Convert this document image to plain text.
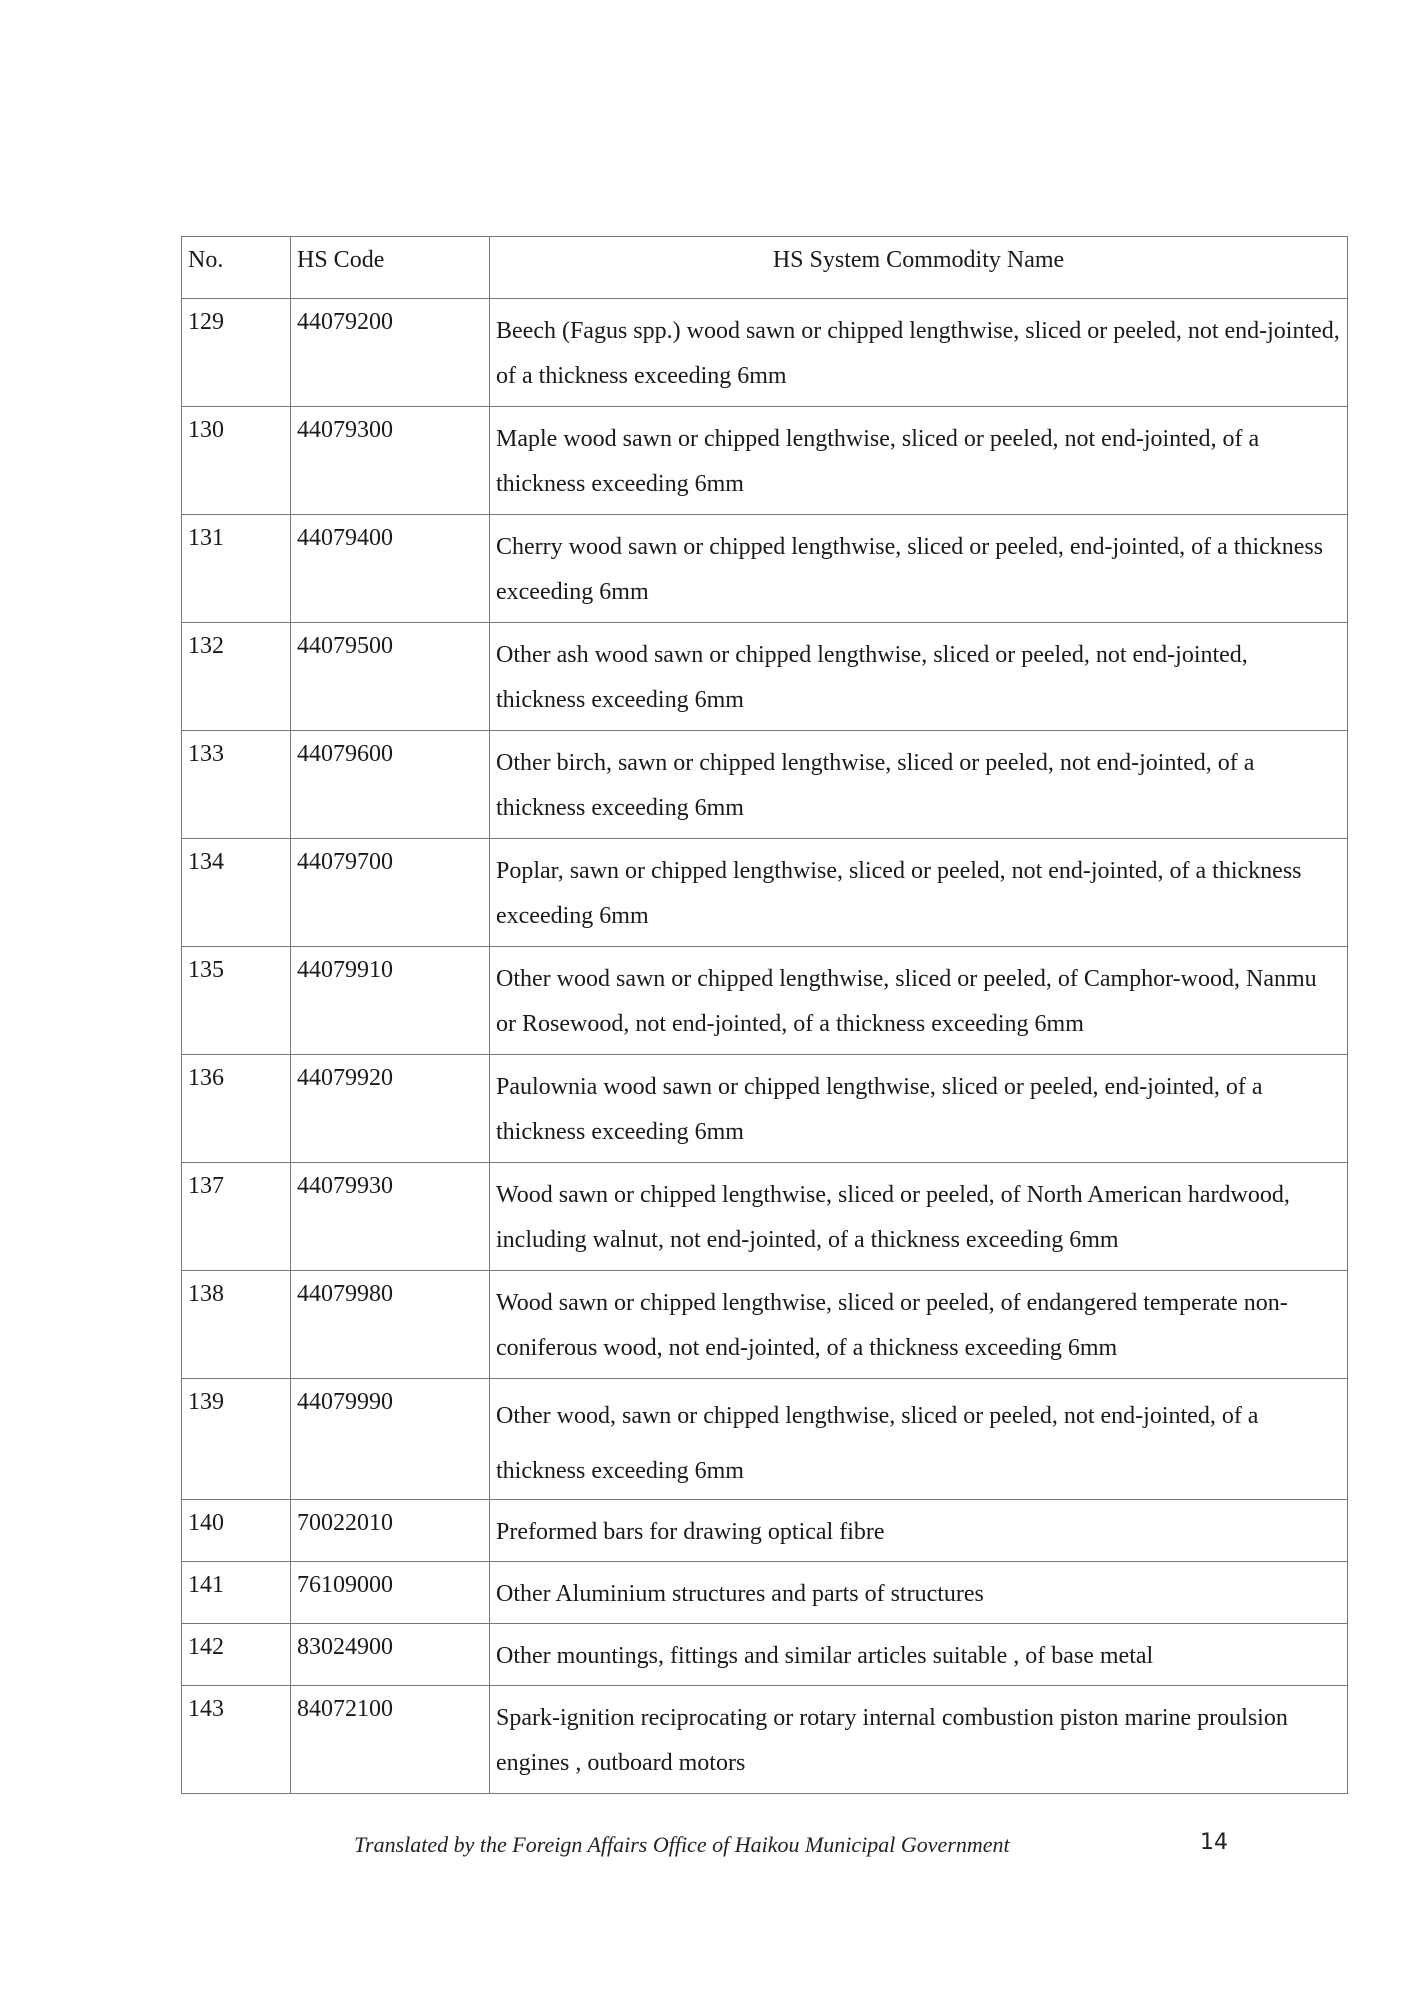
No.	HS Code	HS System Commodity Name
129	44079200	Beech (Fagus spp.) wood sawn or chipped lengthwise, sliced or peeled, not end-jointed, of a thickness exceeding 6mm
130	44079300	Maple wood sawn or chipped lengthwise, sliced or peeled, not end-jointed, of a thickness exceeding 6mm
131	44079400	Cherry wood sawn or chipped lengthwise, sliced or peeled, end-jointed, of a thickness exceeding 6mm
132	44079500	Other ash wood sawn or chipped lengthwise, sliced or peeled, not end-jointed, thickness exceeding 6mm
133	44079600	Other birch, sawn or chipped lengthwise, sliced or peeled, not end-jointed, of a thickness exceeding 6mm
134	44079700	Poplar, sawn or chipped lengthwise, sliced or peeled, not end-jointed, of a thickness exceeding 6mm
135	44079910	Other wood sawn or chipped lengthwise, sliced or peeled, of Camphor-wood, Nanmu or Rosewood, not end-jointed, of a thickness exceeding 6mm
136	44079920	Paulownia wood sawn or chipped lengthwise, sliced or peeled, end-jointed, of a thickness exceeding 6mm
137	44079930	Wood sawn or chipped lengthwise, sliced or peeled, of North American hardwood, including walnut, not end-jointed, of a thickness exceeding 6mm
138	44079980	Wood sawn or chipped lengthwise, sliced or peeled, of endangered temperate non-coniferous wood, not end-jointed, of a thickness exceeding 6mm
139	44079990	Other wood, sawn or chipped lengthwise, sliced or peeled, not end-jointed, of a thickness exceeding 6mm
140	70022010	Preformed bars for drawing optical fibre
141	76109000	Other Aluminium structures and parts of structures
142	83024900	Other mountings, fittings and similar articles suitable , of base metal
143	84072100	Spark-ignition reciprocating or rotary internal combustion piston marine proulsion engines , outboard motors
Translated by the Foreign Affairs Office of Haikou Municipal Government	14
